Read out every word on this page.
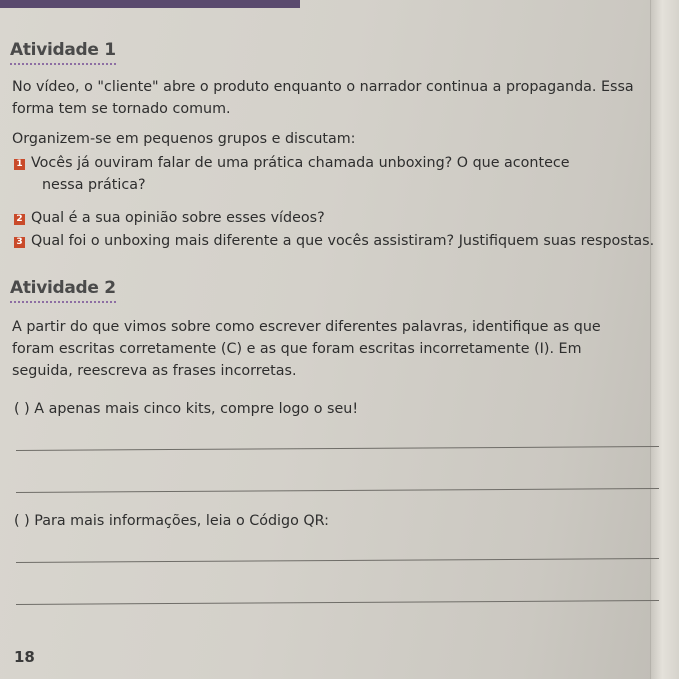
Atividade 1
No vídeo, o "cliente" abre o produto enquanto o narrador continua a propaganda. Essa
forma tem se tornado comum.
Organizem-se em pequenos grupos e discutam:
1 Vocês já ouviram falar de uma prática chamada unboxing? O que acontece
nessa prática?
2 Qual é a sua opinião sobre esses vídeos?
3 Qual foi o unboxing mais diferente a que vocês assistiram? Justifiquem suas respostas.
Atividade 2
A partir do que vimos sobre como escrever diferentes palavras, identifique as que
foram escritas corretamente (C) e as que foram escritas incorretamente (I). Em
seguida, reescreva as frases incorretas.
( ) A apenas mais cinco kits, compre logo o seu!
( ) Para mais informações, leia o Código QR:
18
